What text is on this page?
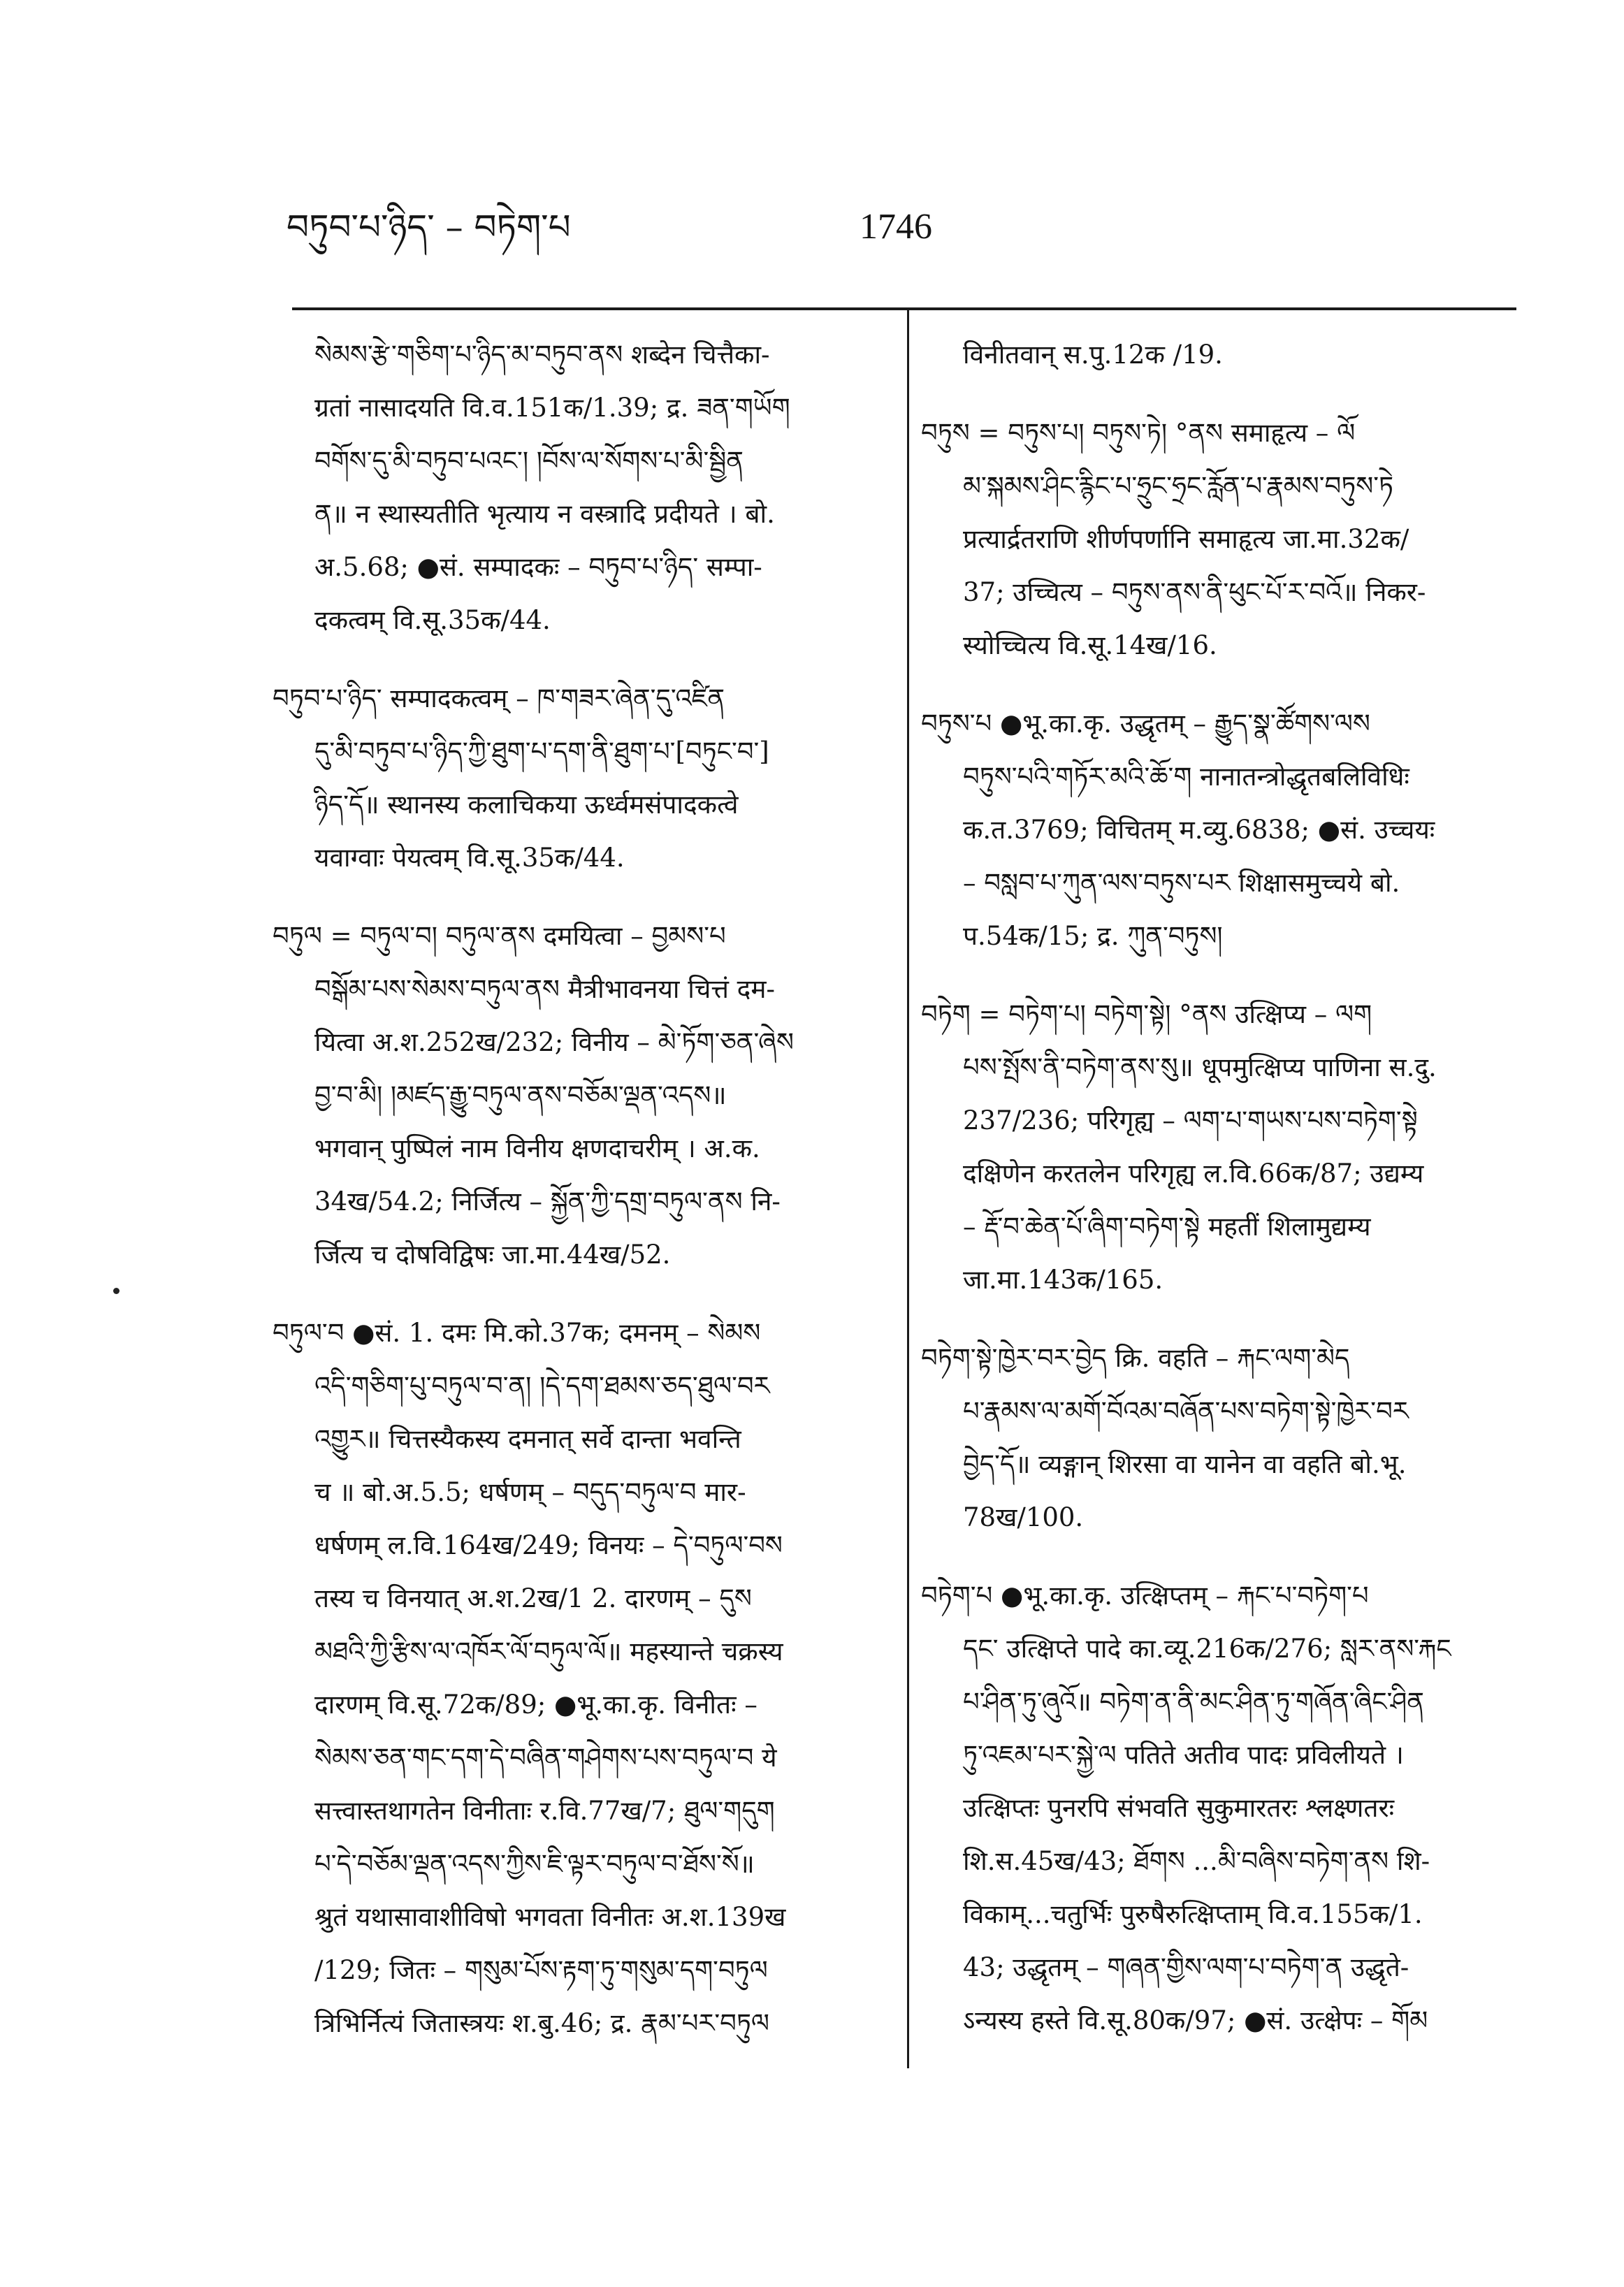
བཏུབ་པ་ཉིད་ – བཏེག་པ	1746
སེམས་རྩེ་གཅིག་པ་ཉིད་མ་བཏུབ་ནས शब्देन चित्तैका-
ग्रतां नासादयति वि.व.151क/1.39; द्र. ཟན་གཡོག
བགོས་དུ་མི་བཏུབ་པའང་། །བོས་ལ་སོགས་པ་མི་སྦྱིན
ན॥ न स्थास्यतीति भृत्याय न वस्त्रादि प्रदीयते । बो.
अ.5.68; ●सं. सम्पादकः – བཏུབ་པ་ཉིད་ सम्पा-
दकत्वम् वि.सू.35क/44.
བཏུབ་པ་ཉིད་ सम्पादकत्वम् – ཁ་གཟར་ཞེན་དུ་འཛིན
དུ་མི་བཏུབ་པ་ཉིད་ཀྱི་ཐུག་པ་དག་ནི་ཐུག་པ་[བཏུང་བ་]
ཉིད་དོ॥ स्थानस्य कलाचिकया ऊर्ध्वमसंपादकत्वे
यवाग्वाः पेयत्वम् वि.सू.35क/44.
བཏུལ = བཏུལ་བ། བཏུལ་ནས दमयित्वा – བྱམས་པ
བསྒོམ་པས་སེམས་བཏུལ་ནས मैत्रीभावनया चित्तं दम-
यित्वा अ.श.252ख/232; विनीय – མེ་ཏོག་ཅན་ཞེས
བྱ་བ་མི། །མཛད་རྒྱུ་བཏུལ་ནས་བཅོམ་ལྡན་འདས॥
भगवान् पुष्पिलं नाम विनीय क्षणदाचरीम् । अ.क.
34ख/54.2; निर्जित्य – སྐྱོན་ཀྱི་དགྲ་བཏུལ་ནས नि-
र्जित्य च दोषविद्विषः जा.मा.44ख/52.
བཏུལ་བ ●सं. 1. दमः मि.को.37क; दमनम् – སེམས
འདི་གཅིག་པུ་བཏུལ་བ་ན། །དེ་དག་ཐམས་ཅད་ཐུལ་བར
འགྱུར॥ चित्तस्यैकस्य दमनात् सर्वे दान्ता भवन्ति
च ॥ बो.अ.5.5; धर्षणम् – བདུད་བཏུལ་བ मार-
धर्षणम् ल.वि.164ख/249; विनयः – དེ་བཏུལ་བས
तस्य च विनयात् अ.श.2ख/1 2. दारणम् – དུས
མཐའི་ཀྱི་རྩིས་ལ་འཁོར་ལོ་བཏུལ་ལོ॥ महस्यान्ते चक्रस्य
दारणम् वि.सू.72क/89; ●भू.का.कृ. विनीतः –
སེམས་ཅན་གང་དག་དེ་བཞིན་གཤེགས་པས་བཏུལ་བ ये
सत्त्वास्तथागतेन विनीताः र.वि.77ख/7; ཐུལ་གདུག
པ་དེ་བཅོམ་ལྡན་འདས་ཀྱིས་ཇི་ལྟར་བཏུལ་བ་ཐོས་སོ॥
श्रुतं यथासावाशीविषो भगवता विनीतः अ.श.139ख
/129; जितः – གསུམ་པོས་རྟག་ཏུ་གསུམ་དག་བཏུལ
त्रिभिर्नित्यं जितास्त्रयः श.बु.46; द्र. རྣམ་པར་བཏུལ
विनीतवान् स.पु.12क /19.
བཏུས = བཏུས་པ། བཏུས་ཏེ། °ནས समाहृत्य – ལོ
མ་སྐམས་ཤིང་རྙིང་པ་ཧྲུང་ཧྲང་རློན་པ་རྣམས་བཏུས་ཏེ
प्रत्यार्द्रतराणि शीर्णपर्णानि समाहृत्य जा.मा.32क/
37; उच्चित्य – བཏུས་ནས་ནི་ཕུང་པོ་ར་བའོ॥ निकर-
स्योच्चित्य वि.सू.14ख/16.
བཏུས་པ ●भू.का.कृ. उद्धृतम् – རྒྱུད་སྣ་ཚོགས་ལས
བཏུས་པའི་གཏོར་མའི་ཆོ་ག नानातन्त्रोद्धृतबलिविधिः
क.त.3769; विचितम् म.व्यु.6838; ●सं. उच्चयः
– བསླབ་པ་ཀུན་ལས་བཏུས་པར शिक्षासमुच्चये बो.
प.54क/15; द्र. ཀུན་བཏུས།
བཏེག = བཏེག་པ། བཏེག་སྟེ། °ནས उत्क्षिप्य – ལག
པས་སྤོས་ནི་བཏེག་ནས་སུ॥ धूपमुत्क्षिप्य पाणिना स.दु.
237/236; परिगृह्य – ལག་པ་གཡས་པས་བཏེག་སྟེ
दक्षिणेन करतलेन परिगृह्य ल.वि.66क/87; उद्यम्य
– རྡོ་བ་ཆེན་པོ་ཞིག་བཏེག་སྟེ महतीं शिलामुद्यम्य
जा.मा.143क/165.
བཏེག་སྟེ་ཁྱེར་བར་བྱེད क्रि. वहति – རྐང་ལག་མེད
པ་རྣམས་ལ་མགོ་བོའམ་བཞོན་པས་བཏེག་སྟེ་ཁྱེར་བར
བྱེད་དོ॥ व्यङ्गान् शिरसा वा यानेन वा वहति बो.भू.
78ख/100.
བཏེག་པ ●भू.का.कृ. उत्क्षिप्तम् – རྐང་པ་བཏེག་པ
དང་ उत्क्षिप्ते पादे का.व्यू.216क/276; སླར་ནས་རྐང
པ་ཤིན་ཏུ་ཞུའོ॥ བཏེག་ན་ནི་མང་ཤིན་ཏུ་གཞོན་ཞིང་ཤིན
ཏུ་འཇམ་པར་སྐྱེ་ལ पतिते अतीव पादः प्रविलीयते ।
उत्क्षिप्तः पुनरपि संभवति सुकुमारतरः श्लक्ष्णतरः
शि.स.45ख/43; ཐོགས ...མི་བཞིས་བཏེག་ནས शि-
विकाम्...चतुर्भिः पुरुषैरुत्क्षिप्ताम् वि.व.155क/1.
43; उद्धृतम् – གཞན་གྱིས་ལག་པ་བཏེག་ན उद्धृते-
ऽन्यस्य हस्ते वि.सू.80क/97; ●सं. उत्क्षेपः – གོམ
